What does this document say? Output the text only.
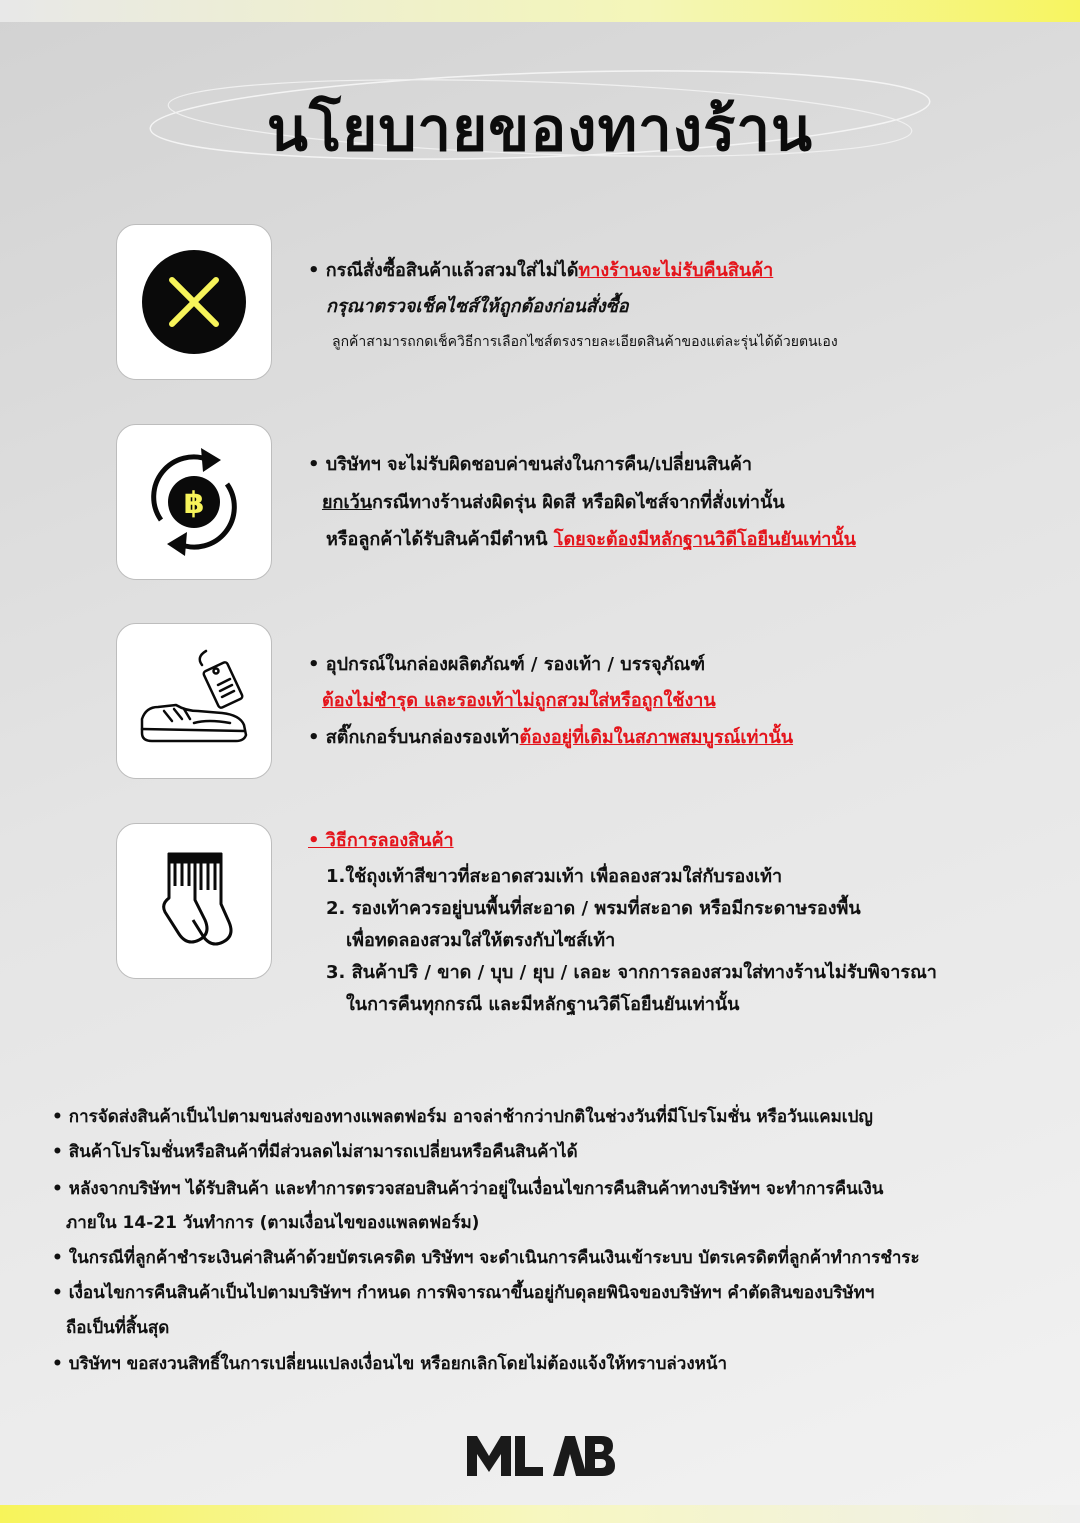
นโยบายของทางร้าน
• กรณีสั่งซื้อสินค้าแล้วสวมใส่ไม่ได้ทางร้านจะไม่รับคืนสินค้า
กรุณาตรวจเช็คไซส์ให้ถูกต้องก่อนสั่งซื้อ
ลูกค้าสามารถกดเช็ควิธีการเลือกไซส์ตรงรายละเอียดสินค้าของแต่ละรุ่นได้ด้วยตนเอง
฿
• บริษัทฯ จะไม่รับผิดชอบค่าขนส่งในการคืน/เปลี่ยนสินค้า
ยกเว้นกรณีทางร้านส่งผิดรุ่น ผิดสี หรือผิดไซส์จากที่สั่งเท่านั้น
หรือลูกค้าได้รับสินค้ามีตำหนิ โดยจะต้องมีหลักฐานวิดีโอยืนยันเท่านั้น
• อุปกรณ์ในกล่องผลิตภัณฑ์ / รองเท้า / บรรจุภัณฑ์
ต้องไม่ชำรุด และรองเท้าไม่ถูกสวมใส่หรือถูกใช้งาน
• สติ๊กเกอร์บนกล่องรองเท้าต้องอยู่ที่เดิมในสภาพสมบูรณ์เท่านั้น
• วิธีการลองสินค้า
1.ใช้ถุงเท้าสีขาวที่สะอาดสวมเท้า เพื่อลองสวมใส่กับรองเท้า
2. รองเท้าควรอยู่บนพื้นที่สะอาด / พรมที่สะอาด หรือมีกระดาษรองพื้น
เพื่อทดลองสวมใส่ให้ตรงกับไซส์เท้า
3. สินค้าปริ / ขาด / บุบ / ยุบ / เลอะ จากการลองสวมใส่ทางร้านไม่รับพิจารณา
ในการคืนทุกกรณี และมีหลักฐานวิดีโอยืนยันเท่านั้น
• การจัดส่งสินค้าเป็นไปตามขนส่งของทางแพลตฟอร์ม อาจล่าช้ากว่าปกติในช่วงวันที่มีโปรโมชั่น หรือวันแคมเปญ
• สินค้าโปรโมชั่นหรือสินค้าที่มีส่วนลดไม่สามารถเปลี่ยนหรือคืนสินค้าได้
• หลังจากบริษัทฯ ได้รับสินค้า และทำการตรวจสอบสินค้าว่าอยู่ในเงื่อนไขการคืนสินค้าทางบริษัทฯ จะทำการคืนเงิน
ภายใน 14-21 วันทำการ (ตามเงื่อนไขของแพลตฟอร์ม)
• ในกรณีที่ลูกค้าชำระเงินค่าสินค้าด้วยบัตรเครดิต บริษัทฯ จะดำเนินการคืนเงินเข้าระบบ บัตรเครดิตที่ลูกค้าทำการชำระ
• เงื่อนไขการคืนสินค้าเป็นไปตามบริษัทฯ กำหนด การพิจารณาขึ้นอยู่กับดุลยพินิจของบริษัทฯ คำตัดสินของบริษัทฯ
ถือเป็นที่สิ้นสุด
• บริษัทฯ ขอสงวนสิทธิ์ในการเปลี่ยนแปลงเงื่อนไข หรือยกเลิกโดยไม่ต้องแจ้งให้ทราบล่วงหน้า
